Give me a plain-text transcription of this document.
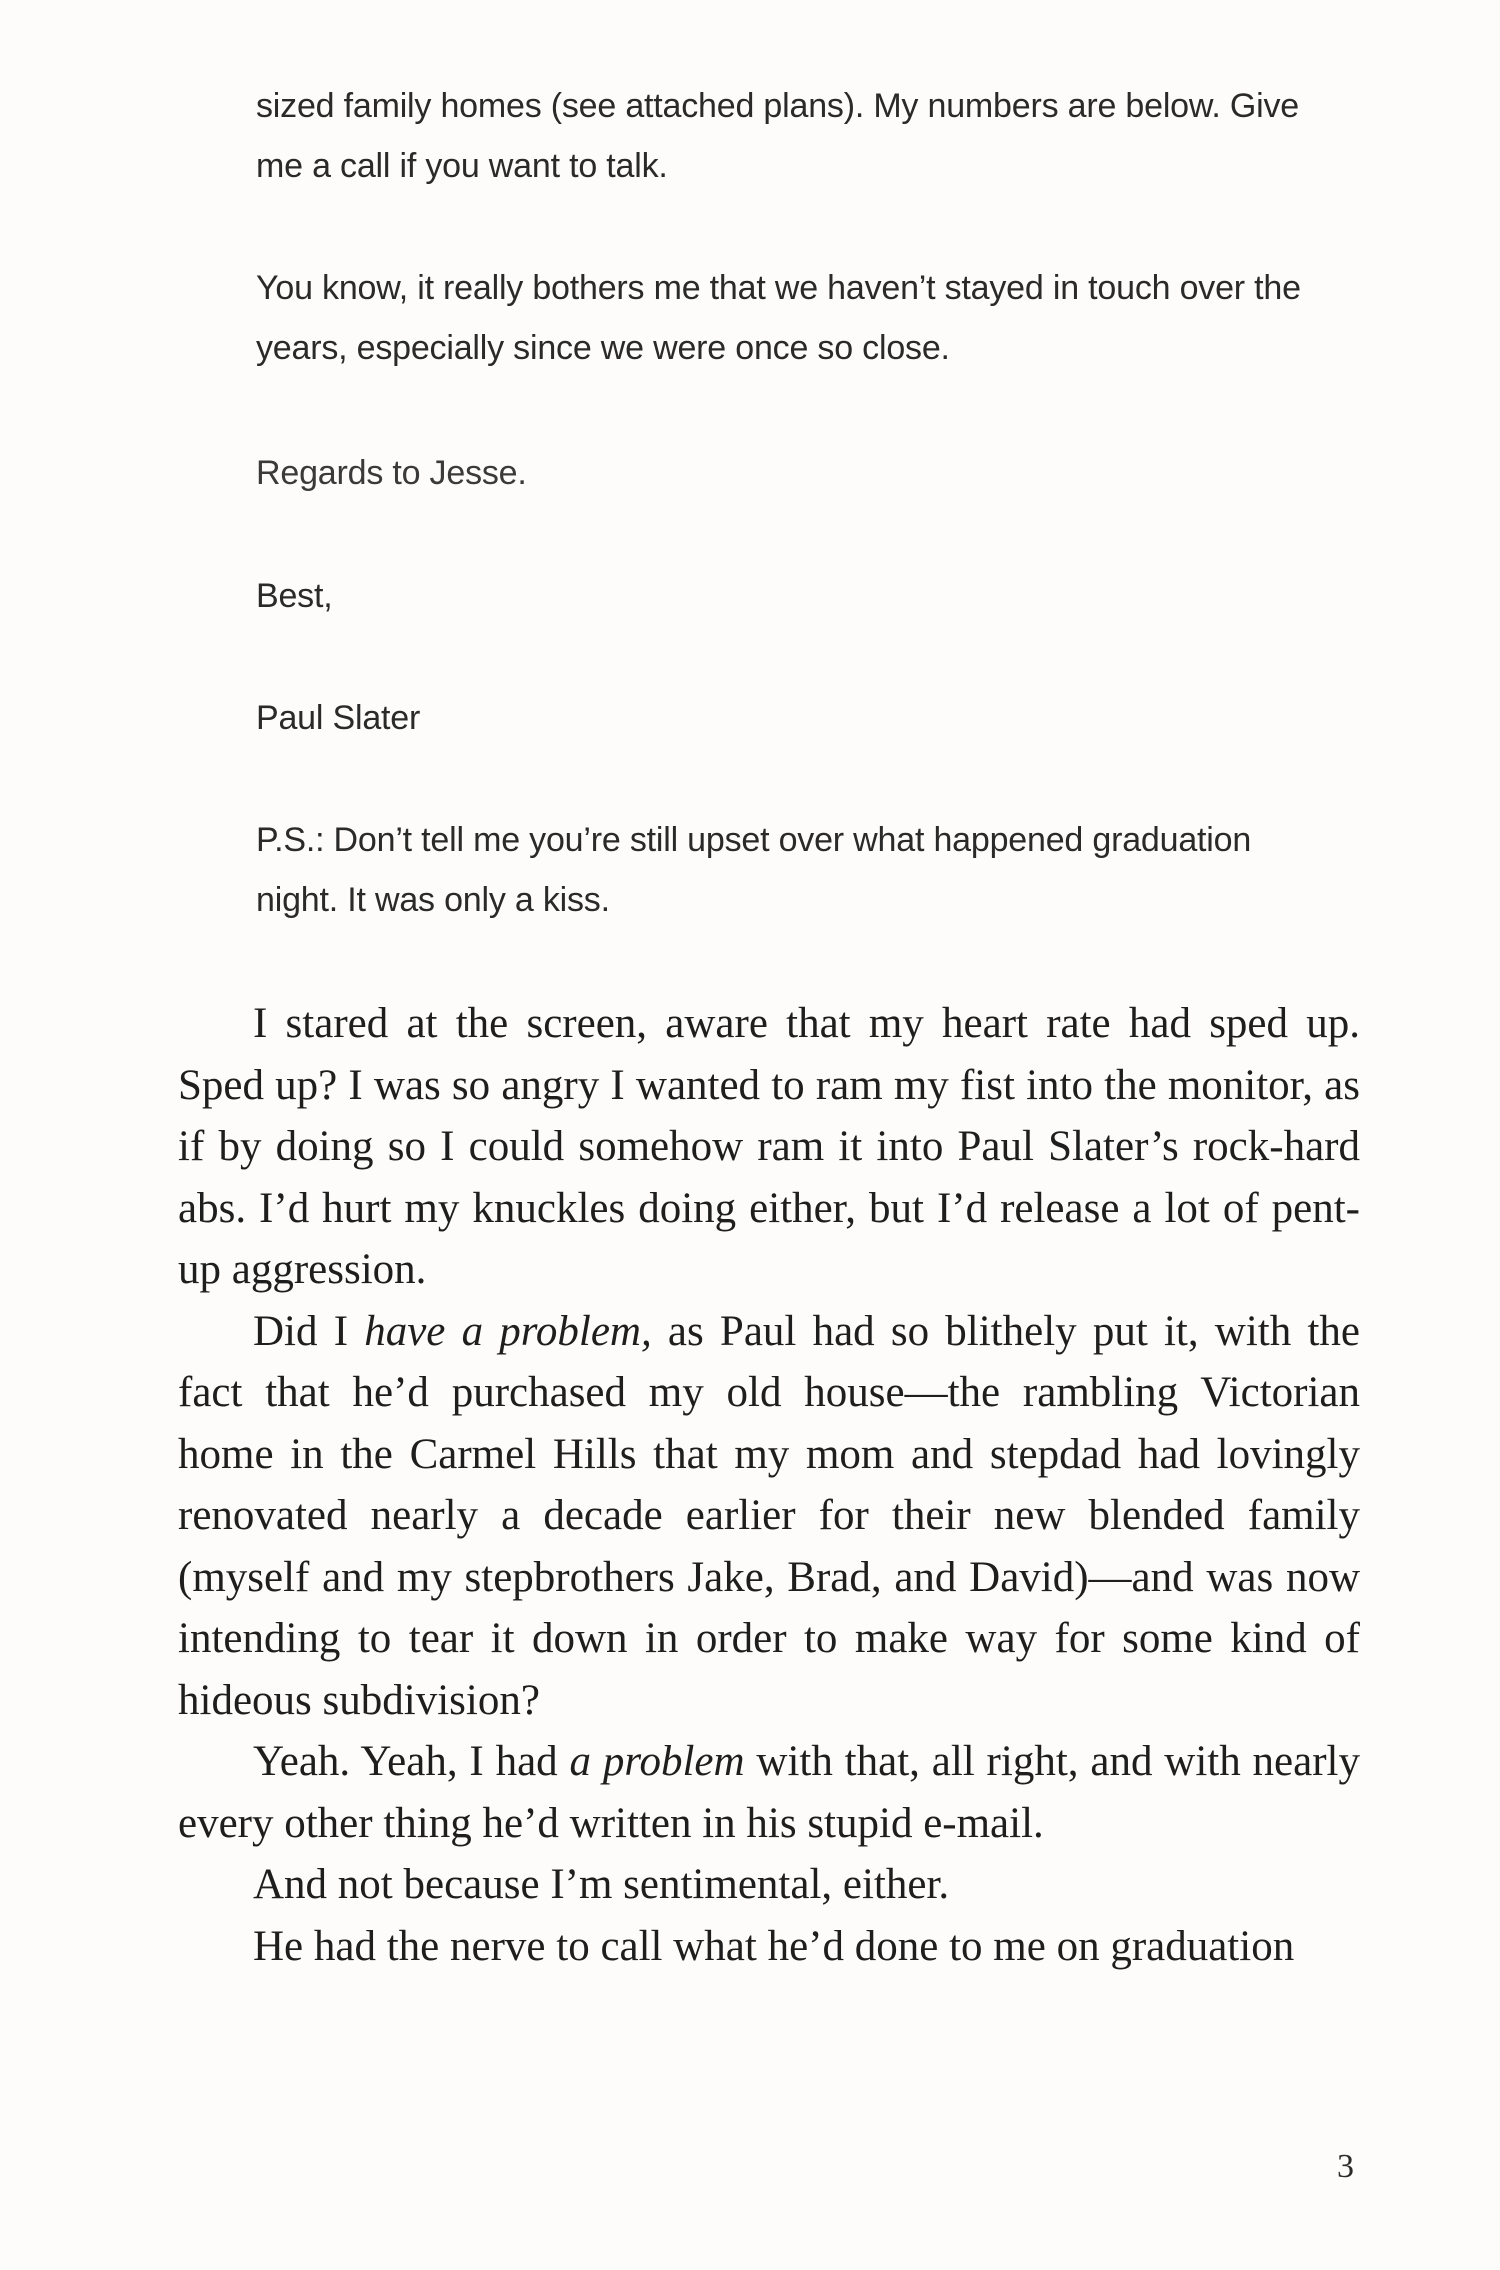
sized family homes (see attached plans). My numbers are below. Give me a call if you want to talk.

You know, it really bothers me that we haven’t stayed in touch over the years, especially since we were once so close.

Regards to Jesse.

Best,

Paul Slater

P.S.: Don’t tell me you’re still upset over what happened graduation night. It was only a kiss.

I stared at the screen, aware that my heart rate had sped up. Sped up? I was so angry I wanted to ram my fist into the monitor, as if by doing so I could somehow ram it into Paul Slater’s rock-hard abs. I’d hurt my knuckles doing either, but I’d release a lot of pent-up aggression.

Did I have a problem, as Paul had so blithely put it, with the fact that he’d purchased my old house—the rambling Victorian home in the Carmel Hills that my mom and stepdad had lovingly renovated nearly a decade earlier for their new blended family (myself and my stepbrothers Jake, Brad, and David)—and was now intending to tear it down in order to make way for some kind of hideous subdivision?

Yeah. Yeah, I had a problem with that, all right, and with nearly every other thing he’d written in his stupid e-mail.

And not because I’m sentimental, either.

He had the nerve to call what he’d done to me on graduation

3
